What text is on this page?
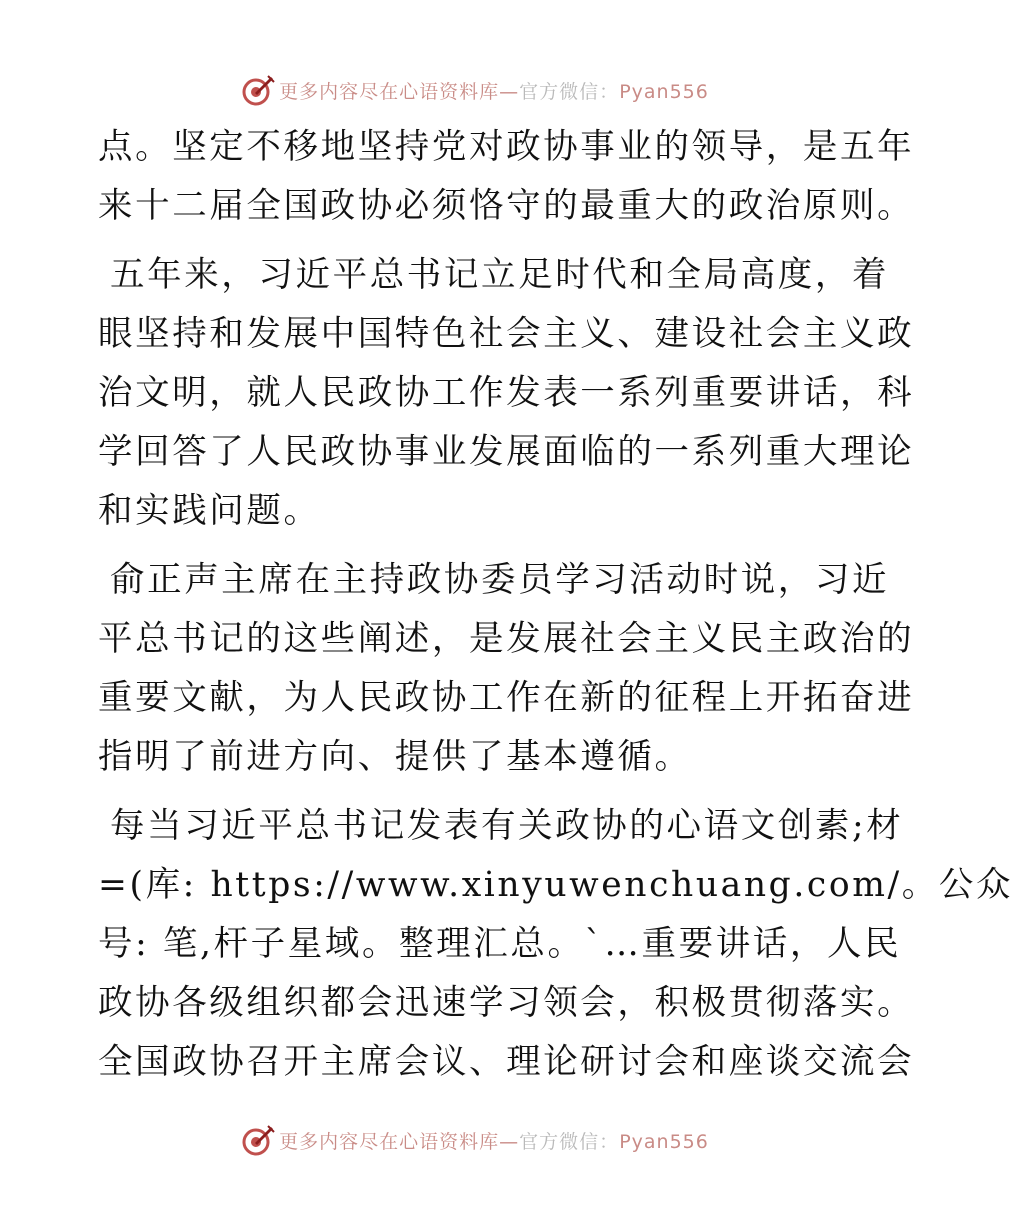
更多内容尽在心语资料库—官方微信：Pyan556
点。坚定不移地坚持党对政协事业的领导，是五年
来十二届全国政协必须恪守的最重大的政治原则。
五年来，习近平总书记立足时代和全局高度，着
眼坚持和发展中国特色社会主义、建设社会主义政
治文明，就人民政协工作发表一系列重要讲话，科
学回答了人民政协事业发展面临的一系列重大理论
和实践问题。
俞正声主席在主持政协委员学习活动时说，习近
平总书记的这些阐述，是发展社会主义民主政治的
重要文献，为人民政协工作在新的征程上开拓奋进
指明了前进方向、提供了基本遵循。
每当习近平总书记发表有关政协的心语文创素;材
=(库: https://www.xinyuwenchuang.com/。公众
号: 笔,杆子星域。整理汇总。`…重要讲话，人民
政协各级组织都会迅速学习领会，积极贯彻落实。
全国政协召开主席会议、理论研讨会和座谈交流会
更多内容尽在心语资料库—官方微信：Pyan556
